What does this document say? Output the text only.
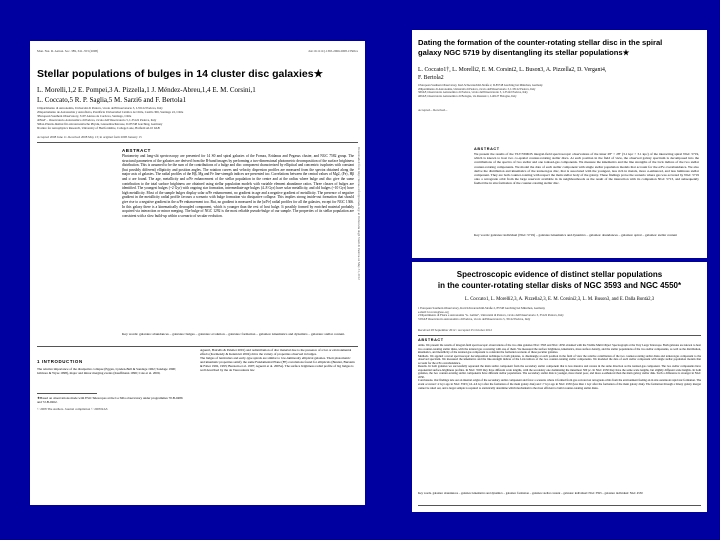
Mon. Not. R. Astron. Soc. 389, 341–353 (2008)	doi:10.1111/j.1365-2966.2008.13566.x
Stellar populations of bulges in 14 cluster disc galaxies★
L. Morelli,1,2 E. Pompei,3 A. Pizzella,1 J. Méndez-Abreu,1,4 E. M. Corsini,1
L. Coccato,5 R. P. Saglia,5 M. Sarzi6 and F. Bertola1
1Dipartimento di Astronomia, Università di Padova, vicolo dell'Osservatorio 3, I-35122 Padova, Italy
2Departamento de Astronomía y Astrofísica, Pontificia Universidad Católica de Chile, Casilla 306, Santiago 22, Chile
3European Southern Observatory, 3107 Alonso de Cordova, Santiago, Chile
4INAF – Osservatorio Astronomico di Padova, vicolo dell'Osservatorio 5, I-35122 Padova, Italy
5Max-Planck-Institut für extraterrestrische Physik, Giessenbachstrasse, D-85748 Garching, Germany
6Centre for Astrophysics Research, University of Hertfordshire, College Lane, Hatfield AL10 9AB
Accepted 2008 June 11. Received 2008 May 13; in original form 2008 January 15
ABSTRACT
Photometry and long-slit spectroscopy are presented for 14 S0 and spiral galaxies of the Fornax, Eridanus and Pegasus cluster, and NGC 7582 group. The structural parameters of the galaxies are derived from the R-band images by performing a two-dimensional photometric decomposition of the surface brightness distribution. This is assumed to be the sum of the contributions of a bulge and disc component characterized by elliptical and concentric isophotes with constant (but possibly different) ellipticity and position angles. The rotation curves and velocity dispersion profiles are measured from the spectra obtained along the major axis of galaxies. The radial profiles of the Hβ, Mg and Fe line-strength indices are presented too. Correlations between the central values of Mg2, ⟨Fe⟩, Hβ and σ are found. The age, metallicity and α/Fe enhancement of the stellar population in the centre and at the radius where bulge and disc give the same contribution to the total surface brightness are obtained using stellar population models with variable element abundance ratios. Three classes of bulges are identified. The youngest bulges (~2 Gyr) with ongoing star formation, intermediate-age bulges (4–8 Gyr) have solar metallicity, and old bulges (~10 Gyr) have high metallicity. Most of the sample bulges display solar α/Fe enhancement, no gradient in age and a negative gradient of metallicity. The presence of negative gradient in the metallicity radial profile favours a scenario with bulge formation via dissipative collapse. This implies strong inside-out formation that should give rise to a negative gradient in the α/Fe enhancement too. But, no gradient is measured in the [α/Fe] radial profiles for all the galaxies, except for NGC 1366. In this galaxy there is a kinematically decoupled component, which is younger than the rest of host bulge. It possibly formed by enriched material probably acquired via interaction or minor merging. The bulge of NGC 1292 is the most reliable pseudo-bulge of our sample. The properties of its stellar population are consistent with a slow build-up within a scenario of secular evolution.
Key words: galaxies: abundances – galaxies: bulges – galaxies: evolution – galaxies: formation – galaxies: kinematics and dynamics – galaxies: stellar content.
1 INTRODUCTION
The relative importance of the dissipative collapse (Eggen, Lynden-Bell & Sandage 1962; Sandage 1990; Gilmore & Wyse 1998), major and minor merging events (Kauffmann 1996; Cole et al. 2000,
★Based on observations made with ESO Telescopes at the La Silla observatory under programmes 70.B-0486 and 72.B-0262.
© 2008 The Authors. Journal compilation © 2008 RAS
Aguerri, Balcells & Peletier 2001) and redistribution of disc material due to the presence of a bar or environmental effects (Kormendy & Kennicutt 2004) drive the variety of properties observed in bulges.
The bulges of lenticulars and early-type spirals are similar to low-luminosity elliptical galaxies. Their photometric and kinematic properties satisfy the same Fundamental Plane (FP) correlations found for ellipticals (Bender, Burstein & Faber 1992, 1993; Burstein et al. 1997; Aguerri et al. 2005a). The surface brightness radial profile of big bulges is well described by the de Vaucouleurs law
Downloaded from http://mnras.oxfordjournals.org/ at Universita degli Studi di Padova on May 31, 2012
Dating the formation of the counter-rotating stellar disc in the spiral
galaxy NGC 5719 by disentangling its stellar populations★
L. Coccato1†, L. Morelli2, E. M. Corsini2, L. Buson3, A. Pizzella2, D. Vergani4,
F. Bertola2
1European Southern Observatory, Karl-Schwarzschild-Straße 2, D-85748 Garching bei München, Germany
2Dipartimento di Astronomia, Università di Padova, vicolo dell'Osservatorio 3, I-35122 Padova, Italy
3INAF, Osservatorio Astronomico di Padova, vicolo dell'Osservatorio 5, I-35122 Padova, Italy
4INAF, Osservatorio Astronomico di Bologna, via Ranzani 1, I-40127 Bologna, Italy
Accepted... Received...
ABSTRACT
We present the results of the VLT/VIMOS integral-field spectroscopic observations of the inner 28'' × 28'' (3.1 kpc × 3.1 kpc) of the interacting spiral NGC 5719, which is known to host two co-spatial counter-rotating stellar discs. At each position in the field of view, the observed galaxy spectrum is decomposed into the contributions of the spectra of two stellar and one ionised-gas components. We measure the kinematics and the line strengths of the Lick indices of the two stellar counter-rotating components. We model the data of each stellar component with single stellar population models that account for the α/Fe overabundance. We also derive the distribution and kinematics of the ionised-gas disc, that is associated with the youngest, less rich in metals, more α-enhanced, and less luminous stellar component. They are both counter-rotating with respect the main stellar body of the galaxy. These findings prove the scenario where gas was accreted by NGC 5719 onto a retrograde orbit from the large reservoir available in its neighbourhoods as the result of the interaction with its companion NGC 5713, and subsequently fuelled the in situ formation of the counter-rotating stellar disc.
Key words: galaxies: individual (NGC 5719) – galaxies: kinematics and dynamics – galaxies: abundances – galaxies: spiral – galaxies: stellar content
Spectroscopic evidence of distinct stellar populations
in the counter-rotating stellar disks of NGC 3593 and NGC 4550*
L. Coccato1, L. Morelli2,3, A. Pizzella2,3, E. M. Corsini2,3, L. M. Buson3, and E. Dalla Bontà2,3
1 European Southern Observatory, Karl-Schwarzschild-Straße 2, 85748 Garching bei München, Germany
e-mail: lcoccato@eso.org
2 Dipartimento di Fisica e Astronomia "G. Galilei", Università di Padova, vicolo dell'Osservatorio 3, 35122 Padova, Italy
3 INAF Osservatorio Astronomico di Padova, vicolo dell'Osservatorio 5, 35122 Padova, Italy
Received 28 September 2012 / Accepted 25 October 2012
ABSTRACT
Aims. We present the results of integral-field spectroscopic observations of the two disk galaxies NGC 3593 and NGC 4550 obtained with the Visible Multi Object Spectrograph at the Very Large Telescope. Both galaxies are known to host two counter-rotating stellar disks, with the ionized gas corotating with one of them. We measured the surface brightness, kinematics, mass surface density, and the stellar populations of the two stellar components, as well as the distribution, kinematics, and metallicity of the ionized-gas component to constrain the formation scenario of these peculiar galaxies.
Methods. We applied a novel spectroscopic decomposition technique to both galaxies, to disentangle at each position in the field of view the relative contribution of the two counter-rotating stellar disks and ionized-gas component to the observed spectrum. We measured the kinematics and the line-strength indices of the Lick indices of the two counter-rotating stellar components. We modeled the data of each stellar component with single stellar population models that account for the α/Fe overabundance.
Results. In both galaxies we successfully separated the main stellar component from the secondary stellar component that is less massive and rotates in the same direction as the ionized-gas component. The two stellar components have exponential surface-brightness profiles. In NGC 3593 they have different scale lengths, with the secondary one dominating the innermost 500 pc. In NGC 4550 they have the same scale lengths, but slightly different scale heights. In both galaxies, the two counter-rotating stellar components have different stellar populations. The secondary stellar disk is younger, more metal poor, and more α-enhanced than the main galaxy stellar disk. Such a difference is stronger in NGC 4550.
Conclusions. Our findings rule out an internal origin of the secondary stellar component and favor a scenario where it formed from gas accreted on retrograde orbits from the environment fueling an in situ outside-in rapid star formation. The event occurred ~2 Gyr ago in NGC 3593 (1.6–4.6 Gyr after the formation of the main galaxy disk) and ~7 Gyr ago in NGC 4550 (less than 1 Gyr after the formation of the main galaxy disk). The formation through a binary galaxy merger cannot be ruled out, and a larger sample is required to statistically determine which mechanism is the most efficient to build counter-rotating stellar disks.
Key words. galaxies: abundances – galaxies: kinematics and dynamics – galaxies: formation – galaxies: stellar content – galaxies: individual: NGC 3593 – galaxies: individual: NGC 4550
